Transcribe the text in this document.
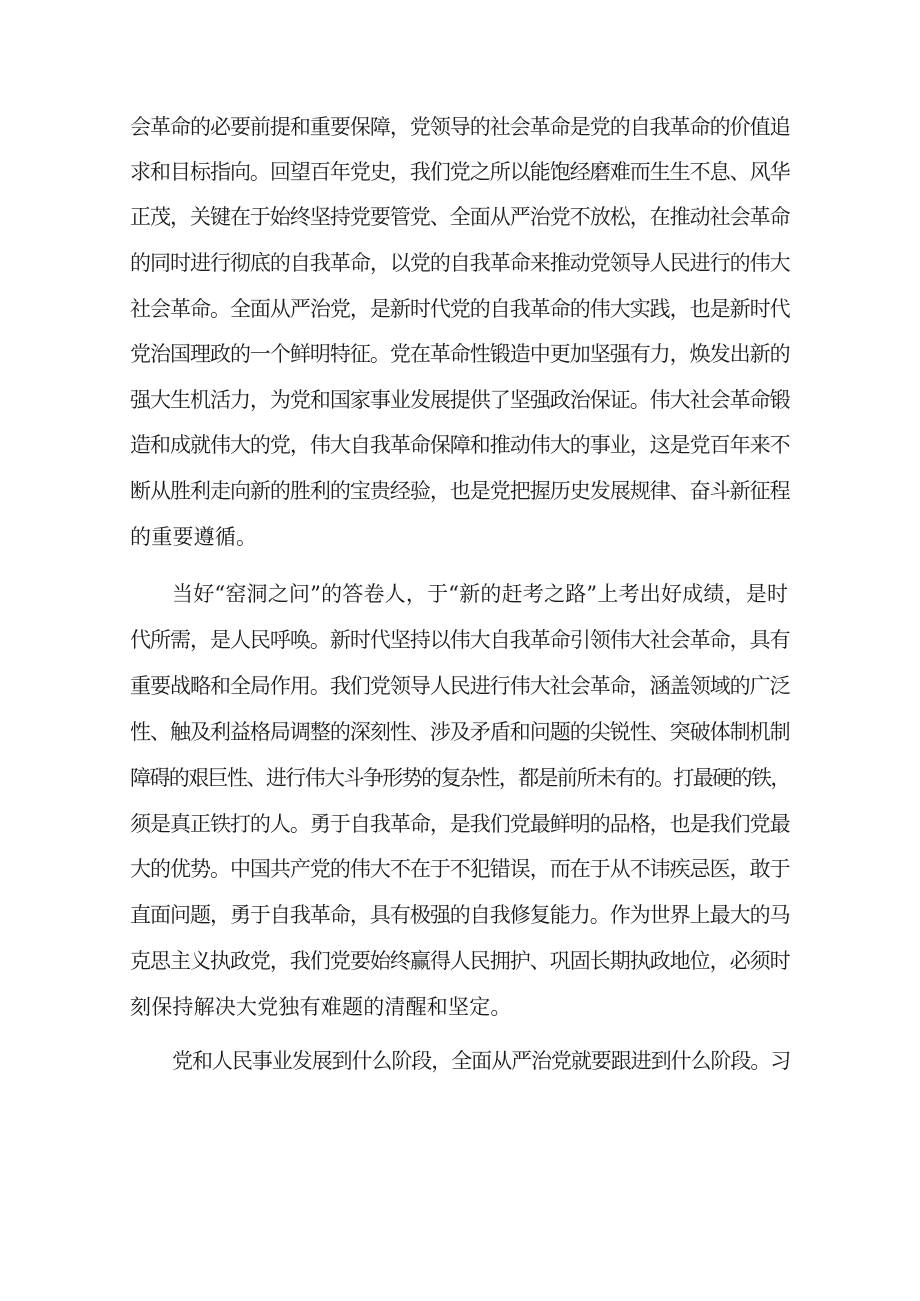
会革命的必要前提和重要保障，党领导的社会革命是党的自我革命的价值追
求和目标指向。回望百年党史，我们党之所以能饱经磨难而生生不息、风华
正茂，关键在于始终坚持党要管党、全面从严治党不放松，在推动社会革命
的同时进行彻底的自我革命，以党的自我革命来推动党领导人民进行的伟大
社会革命。全面从严治党，是新时代党的自我革命的伟大实践，也是新时代
党治国理政的一个鲜明特征。党在革命性锻造中更加坚强有力，焕发出新的
强大生机活力，为党和国家事业发展提供了坚强政治保证。伟大社会革命锻
造和成就伟大的党，伟大自我革命保障和推动伟大的事业，这是党百年来不
断从胜利走向新的胜利的宝贵经验，也是党把握历史发展规律、奋斗新征程
的重要遵循。
当好“窑洞之问”的答卷人，于“新的赶考之路”上考出好成绩，是时
代所需，是人民呼唤。新时代坚持以伟大自我革命引领伟大社会革命，具有
重要战略和全局作用。我们党领导人民进行伟大社会革命，涵盖领域的广泛
性、触及利益格局调整的深刻性、涉及矛盾和问题的尖锐性、突破体制机制
障碍的艰巨性、进行伟大斗争形势的复杂性，都是前所未有的。打最硬的铁，
须是真正铁打的人。勇于自我革命，是我们党最鲜明的品格，也是我们党最
大的优势。中国共产党的伟大不在于不犯错误，而在于从不讳疾忌医，敢于
直面问题，勇于自我革命，具有极强的自我修复能力。作为世界上最大的马
克思主义执政党，我们党要始终赢得人民拥护、巩固长期执政地位，必须时
刻保持解决大党独有难题的清醒和坚定。
党和人民事业发展到什么阶段，全面从严治党就要跟进到什么阶段。习
